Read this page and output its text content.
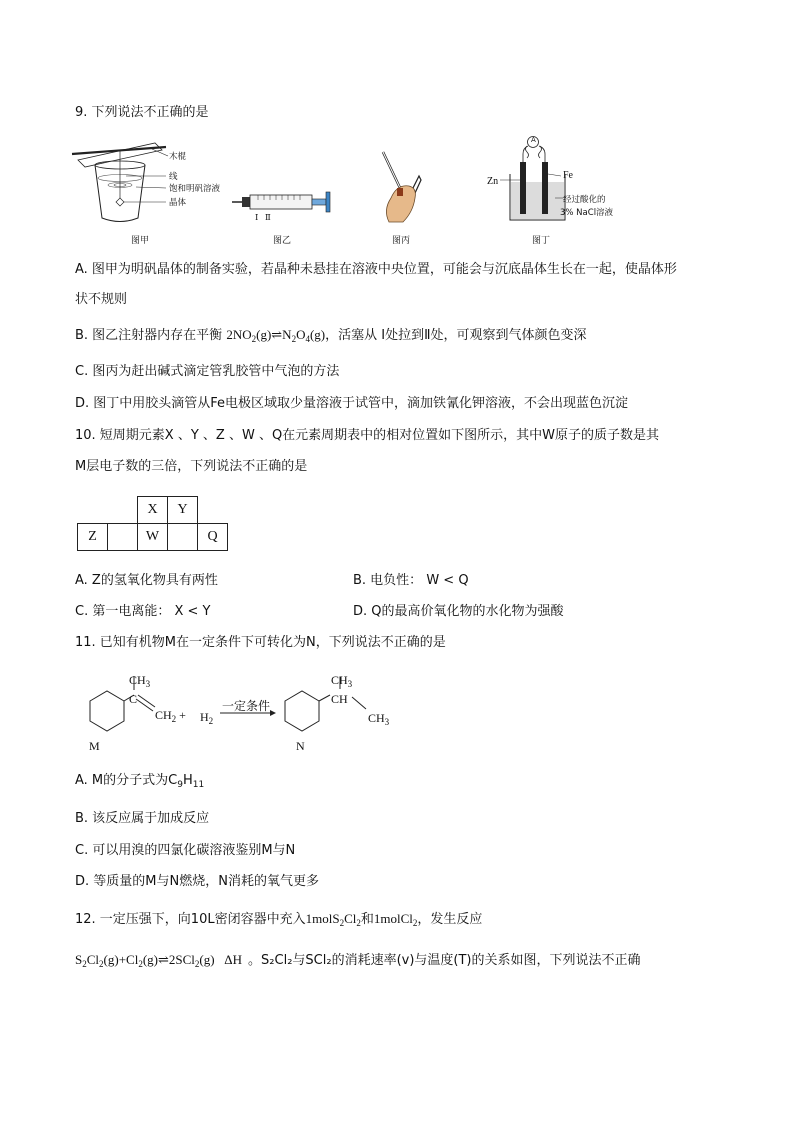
9. 下列说法不正确的是
木棍
线
饱和明矾溶液
晶体
图甲
Ⅰ Ⅱ
图乙	图丙
A
Zn
Fe
经过酸化的
3% NaCl溶液
图丁
A. 图甲为明矾晶体的制备实验，若晶种未悬挂在溶液中央位置，可能会与沉底晶体生长在一起，使晶体形
状不规则
B. 图乙注射器内存在平衡 $2NO_2(g)\rightleftharpoons N_2O_4(g)$，活塞从 Ⅰ处拉到Ⅱ处，可观察到气体颜色变深
C. 图丙为赶出碱式滴定管乳胶管中气泡的方法
D. 图丁中用胶头滴管从Fe电极区域取少量溶液于试管中，滴加铁氰化钾溶液，不会出现蓝色沉淀
10. 短周期元素X 、Y 、Z 、W 、Q在元素周期表中的相对位置如下图所示，其中W原子的质子数是其
M层电子数的三倍，下列说法不正确的是
		X	Y		
Z		W		Q	
A. Z的氢氧化物具有两性	B. 电负性： W < Q
C. 第一电离能： X < Y	D. Q的最高价氧化物的水化物为强酸
11. 已知有机物M在一定条件下可转化为N，下列说法不正确的是
$CH_3$
C
$CH_2 + H_2$
一定条件
M
$CH_3$
CH
$CH_3$
N
A. M的分子式为$C_9H_{11}$
B. 该反应属于加成反应
C. 可以用溴的四氯化碳溶液鉴别M与N
D. 等质量的M与N燃烧，N消耗的氧气更多
12. 一定压强下，向10L密闭容器中充入$1molS_2Cl_2$和1molCl$_2$，发生反应
$S_2Cl_2(g)+Cl_2(g)\rightleftharpoons 2SCl_2(g)$   ΔH 。S₂Cl₂与SCl₂的消耗速率(v)与温度(T)的关系如图，下列说法不正确
